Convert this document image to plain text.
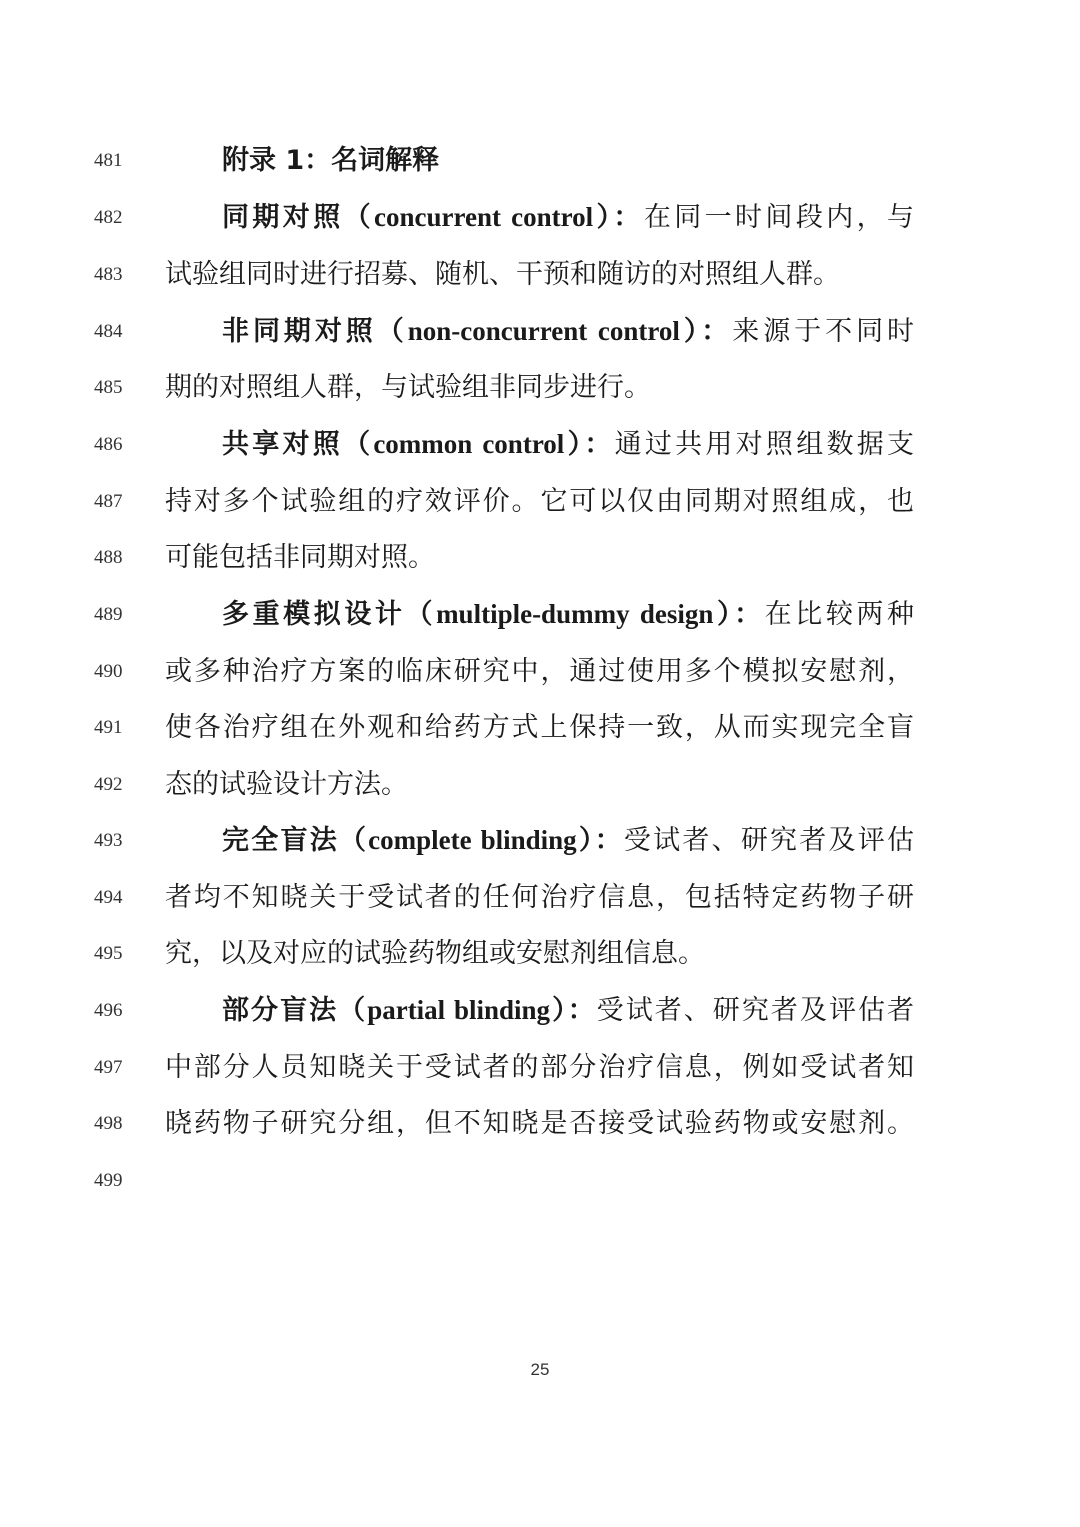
481	附录 1：名词解释
482	同期对照（concurrent control）：在同一时间段内，与
483	试验组同时进行招募、随机、干预和随访的对照组人群。
484	非同期对照（non-concurrent control）：来源于不同时
485	期的对照组人群，与试验组非同步进行。
486	共享对照（common control）：通过共用对照组数据支
487	持对多个试验组的疗效评价。它可以仅由同期对照组成，也
488	可能包括非同期对照。
489	多重模拟设计（multiple-dummy design）：在比较两种
490	或多种治疗方案的临床研究中，通过使用多个模拟安慰剂，
491	使各治疗组在外观和给药方式上保持一致，从而实现完全盲
492	态的试验设计方法。
493	完全盲法（complete blinding）：受试者、研究者及评估
494	者均不知晓关于受试者的任何治疗信息，包括特定药物子研
495	究，以及对应的试验药物组或安慰剂组信息。
496	部分盲法（partial blinding）：受试者、研究者及评估者
497	中部分人员知晓关于受试者的部分治疗信息，例如受试者知
498	晓药物子研究分组，但不知晓是否接受试验药物或安慰剂。
499
25
